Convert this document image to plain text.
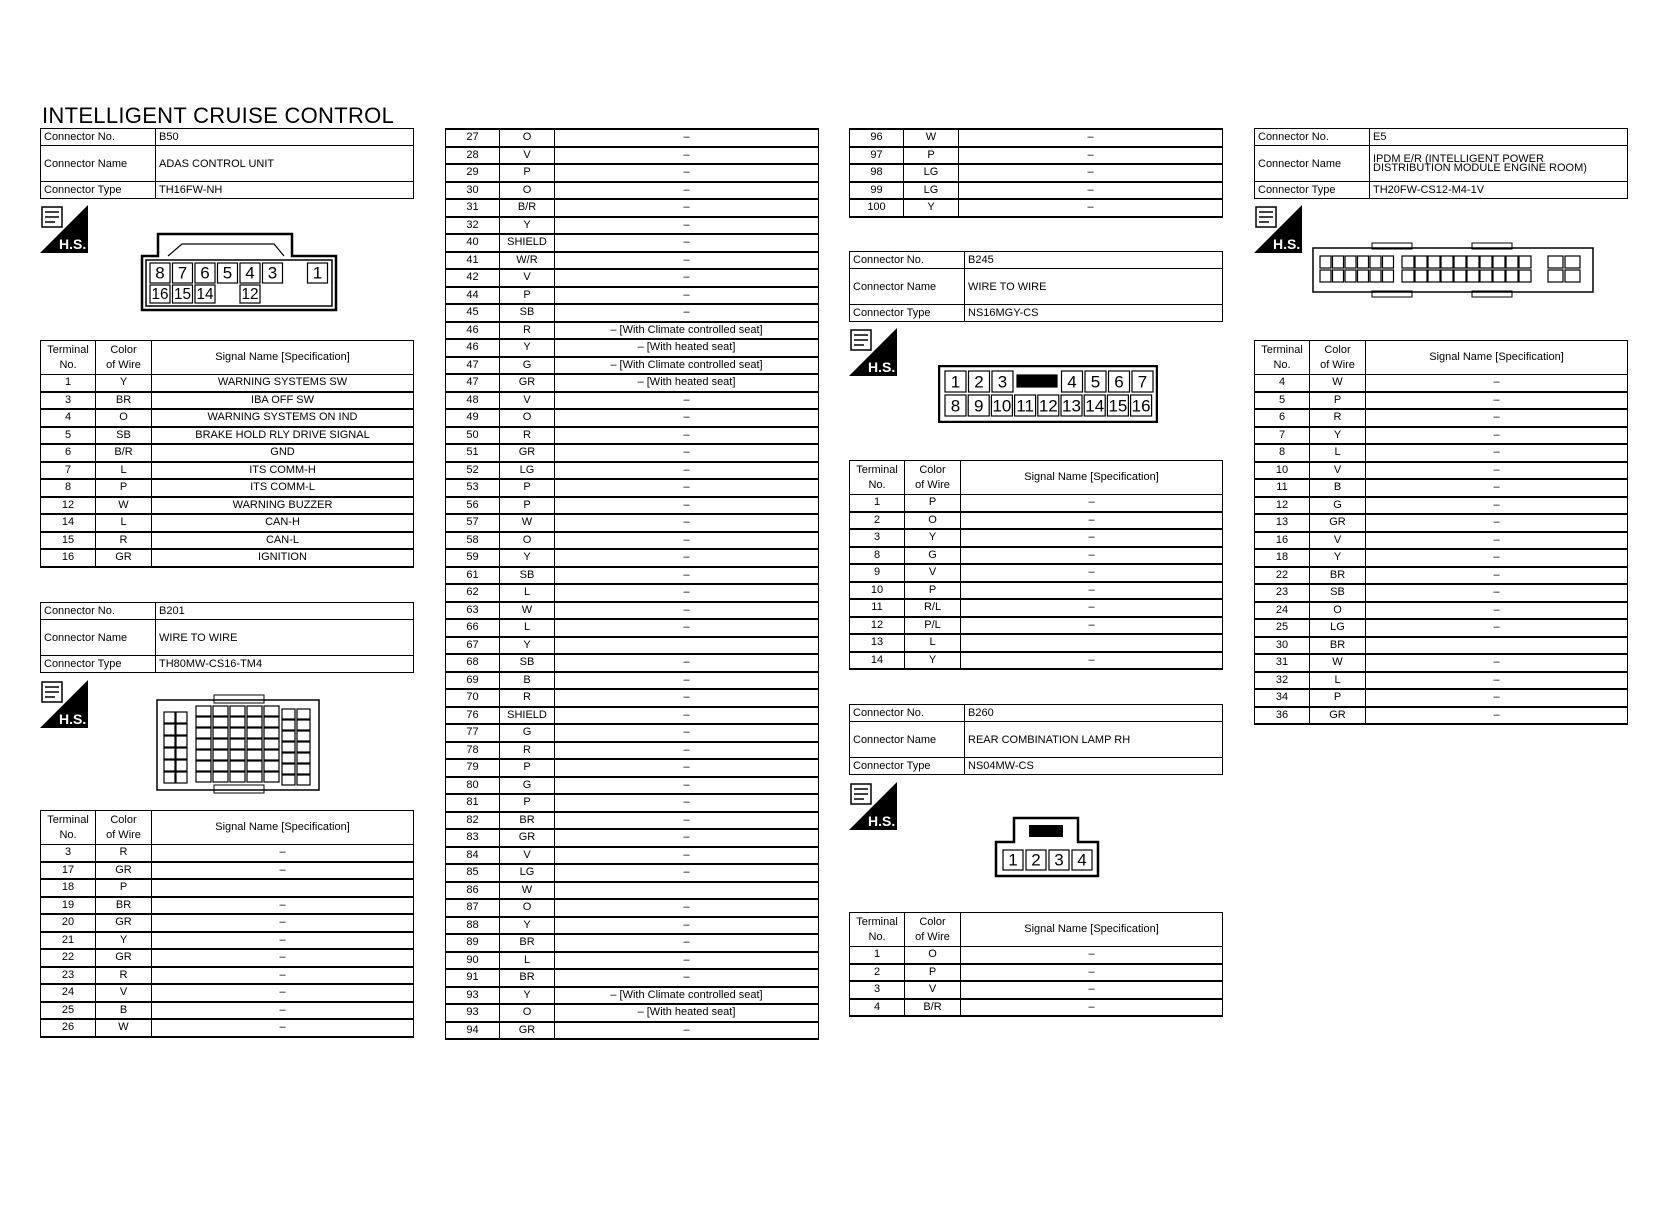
INTELLIGENT CRUISE CONTROL
Connector No.	B50
Connector Name	ADAS CONTROL UNIT
Connector Type	TH16FW-NH
H.S.
8 7 6 5 4 3 1
16 15 14 12
Terminal
No.	Color
of Wire	Signal Name [Specification]
1	Y	WARNING SYSTEMS SW
3	BR	IBA OFF SW
4	O	WARNING SYSTEMS ON IND
5	SB	BRAKE HOLD RLY DRIVE SIGNAL
6	B/R	GND
7	L	ITS COMM-H
8	P	ITS COMM-L
12	W	WARNING BUZZER
14	L	CAN-H
15	R	CAN-L
16	GR	IGNITION
Connector No.	B201
Connector Name	WIRE TO WIRE
Connector Type	TH80MW-CS16-TM4
H.S.
Terminal
No.	Color
of Wire	Signal Name [Specification]
3	R	–
17	GR	–
18	P	
19	BR	–
20	GR	–
21	Y	–
22	GR	–
23	R	–
24	V	–
25	B	–
26	W	–
27	O	–
28	V	–
29	P	–
30	O	–
31	B/R	–
32	Y	–
40	SHIELD	–
41	W/R	–
42	V	–
44	P	–
45	SB	–
46	R	– [With Climate controlled seat]
46	Y	– [With heated seat]
47	G	– [With Climate controlled seat]
47	GR	– [With heated seat]
48	V	–
49	O	–
50	R	–
51	GR	–
52	LG	–
53	P	–
56	P	–
57	W	–
58	O	–
59	Y	–
61	SB	–
62	L	–
63	W	–
66	L	–
67	Y	
68	SB	–
69	B	–
70	R	–
76	SHIELD	–
77	G	–
78	R	–
79	P	–
80	G	–
81	P	–
82	BR	–
83	GR	–
84	V	–
85	LG	–
86	W	
87	O	–
88	Y	–
89	BR	–
90	L	–
91	BR	–
93	Y	– [With Climate controlled seat]
93	O	– [With heated seat]
94	GR	–
96	W	–
97	P	–
98	LG	–
99	LG	–
100	Y	–
Connector No.	B245
Connector Name	WIRE TO WIRE
Connector Type	NS16MGY-CS
H.S.
1 2 3	4 5 6 7
8 9 10 11 12 13 14 15 16
Terminal
No.	Color
of Wire	Signal Name [Specification]
1	P	–
2	O	–
3	Y	–
8	G	–
9	V	–
10	P	–
11	R/L	–
12	P/L	–
13	L	
14	Y	–
Connector No.	B260
Connector Name	REAR COMBINATION LAMP RH
Connector Type	NS04MW-CS
H.S.
1 2 3 4
Terminal
No.	Color
of Wire	Signal Name [Specification]
1	O	–
2	P	–
3	V	–
4	B/R	–
Connector No.	E5
Connector Name	IPDM E/R (INTELLIGENT POWER DISTRIBUTION MODULE ENGINE ROOM)
Connector Type	TH20FW-CS12-M4-1V
H.S.
Terminal
No.	Color
of Wire	Signal Name [Specification]
4	W	–
5	P	–
6	R	–
7	Y	–
8	L	–
10	V	–
11	B	–
12	G	–
13	GR	–
16	V	–
18	Y	–
22	BR	–
23	SB	–
24	O	–
25	LG	–
30	BR	
31	W	–
32	L	–
34	P	–
36	GR	–
